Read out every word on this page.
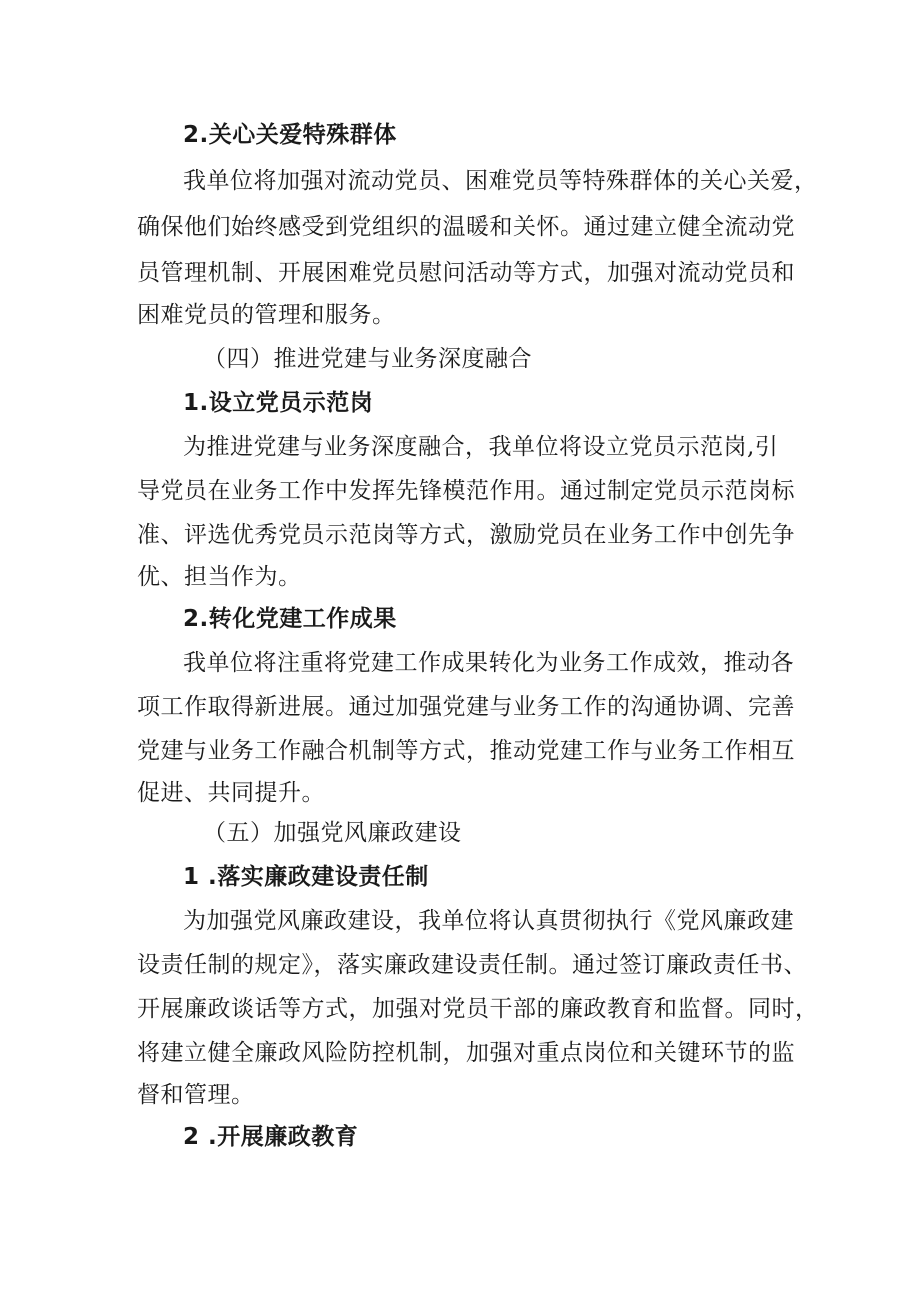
2.关心关爱特殊群体
我单位将加强对流动党员、困难党员等特殊群体的关心关爱，
确保他们始终感受到党组织的温暖和关怀。通过建立健全流动党
员管理机制、开展困难党员慰问活动等方式，加强对流动党员和
困难党员的管理和服务。
（四）推进党建与业务深度融合
1.设立党员示范岗
为推进党建与业务深度融合，我单位将设立党员示范岗,引
导党员在业务工作中发挥先锋模范作用。通过制定党员示范岗标
准、评选优秀党员示范岗等方式，激励党员在业务工作中创先争
优、担当作为。
2.转化党建工作成果
我单位将注重将党建工作成果转化为业务工作成效，推动各
项工作取得新进展。通过加强党建与业务工作的沟通协调、完善
党建与业务工作融合机制等方式，推动党建工作与业务工作相互
促进、共同提升。
（五）加强党风廉政建设
1 .落实廉政建设责任制
为加强党风廉政建设，我单位将认真贯彻执行《党风廉政建
设责任制的规定》，落实廉政建设责任制。通过签订廉政责任书、
开展廉政谈话等方式，加强对党员干部的廉政教育和监督。同时，
将建立健全廉政风险防控机制，加强对重点岗位和关键环节的监
督和管理。
2 .开展廉政教育
